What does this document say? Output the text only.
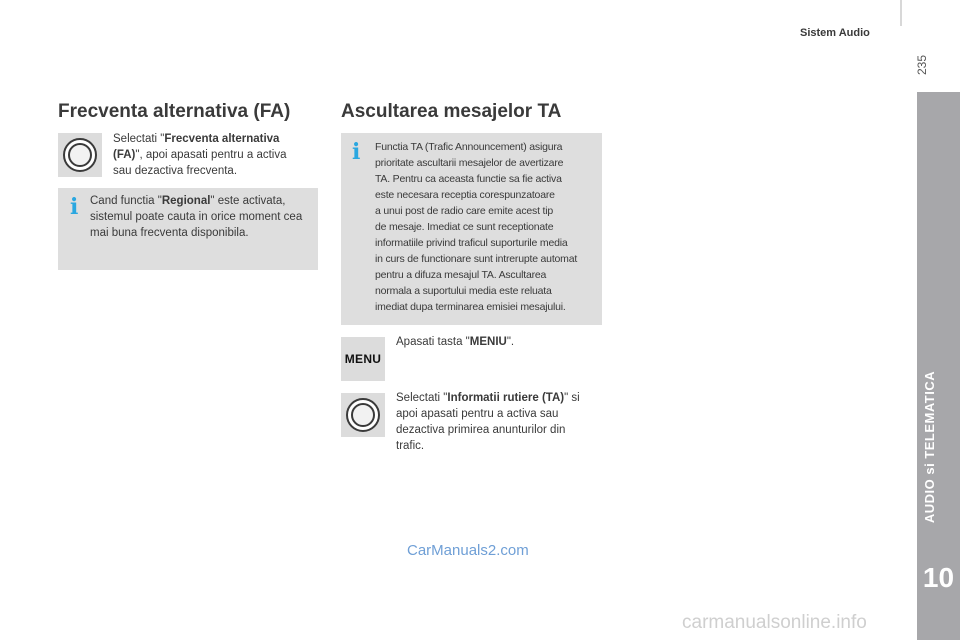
Sistem Audio
235
AUDIO si TELEMATICA
10
Frecventa alternativa (FA)
Selectati "Frecventa alternativa (FA)", apoi apasati pentru a activa sau dezactiva frecventa.
i	Cand functia "Regional" este activata, sistemul poate cauta in orice moment cea mai buna frecventa disponibila.
Ascultarea mesajelor TA
i	Functia TA (Trafic Announcement) asigura
prioritate ascultarii mesajelor de avertizare
TA. Pentru ca aceasta functie sa fie activa
este necesara receptia corespunzatoare
a unui post de radio care emite acest tip
de mesaje. Imediat ce sunt receptionate
informatiile privind traficul suporturile media
in curs de functionare sunt intrerupte automat
pentru a difuza mesajul TA. Ascultarea
normala a suportului media este reluata
imediat dupa terminarea emisiei mesajului.
MENU
Apasati tasta "MENIU".
Selectati "Informatii rutiere (TA)" si apoi apasati pentru a activa sau dezactiva primirea anunturilor din trafic.
CarManuals2.com
carmanualsonline.info
